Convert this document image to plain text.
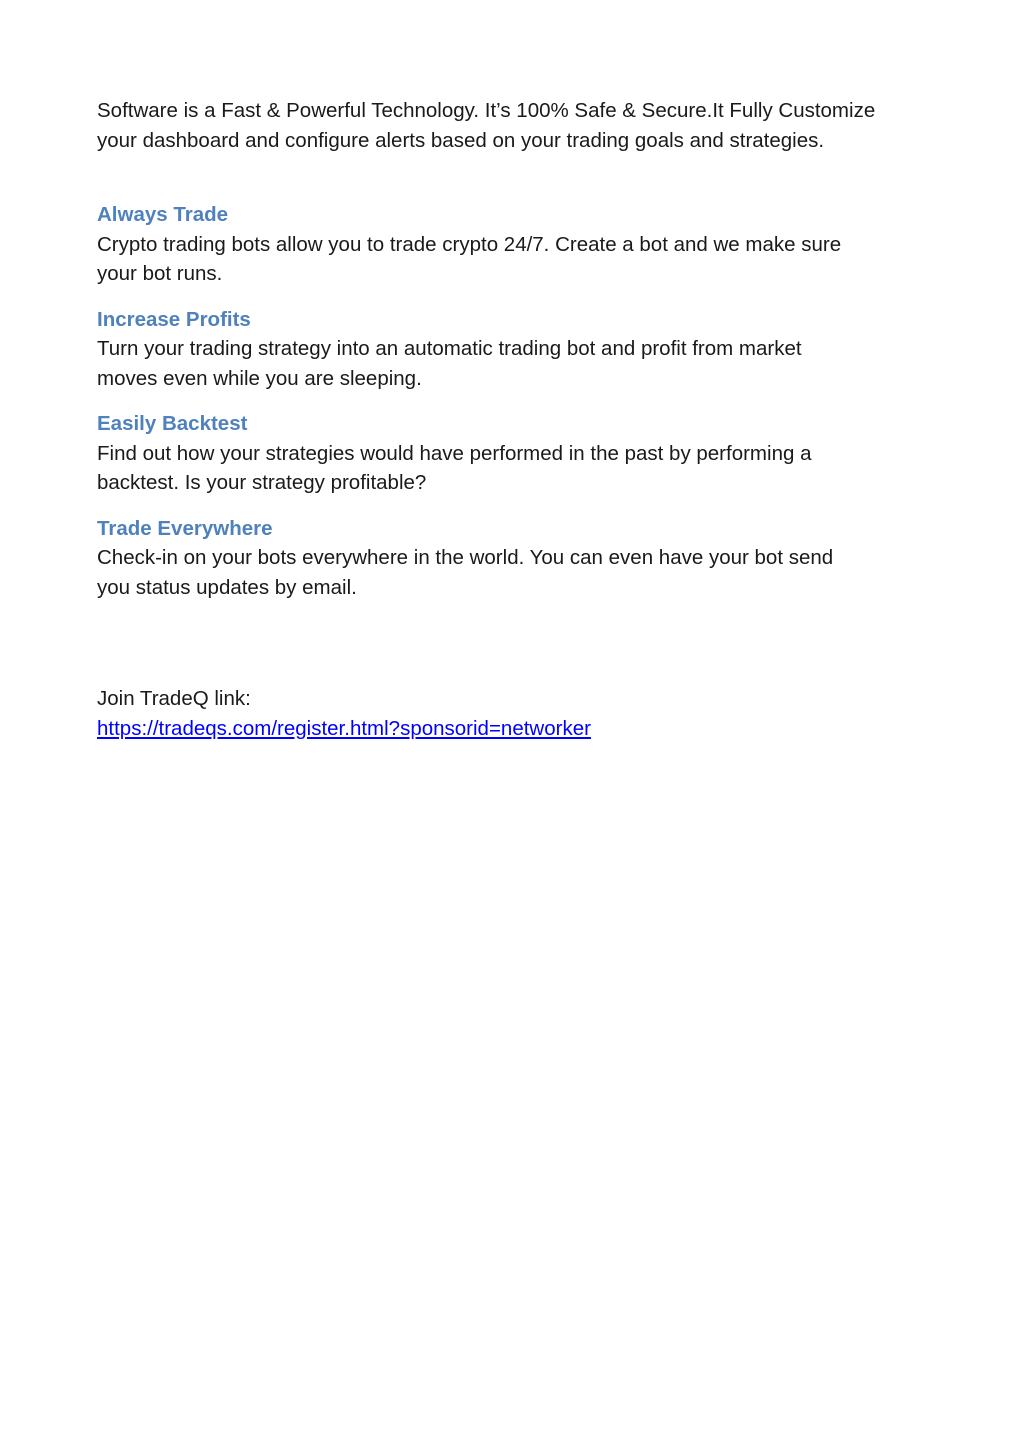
Software is a Fast & Powerful Technology. It’s 100% Safe & Secure.It Fully Customize
your dashboard and configure alerts based on your trading goals and strategies.
Always Trade
Crypto trading bots allow you to trade crypto 24/7. Create a bot and we make sure
your bot runs.
Increase Profits
Turn your trading strategy into an automatic trading bot and profit from market
moves even while you are sleeping.
Easily Backtest
Find out how your strategies would have performed in the past by performing a
backtest. Is your strategy profitable?
Trade Everywhere
Check-in on your bots everywhere in the world. You can even have your bot send
you status updates by email.
Join TradeQ link:
https://tradeqs.com/register.html?sponsorid=networker
